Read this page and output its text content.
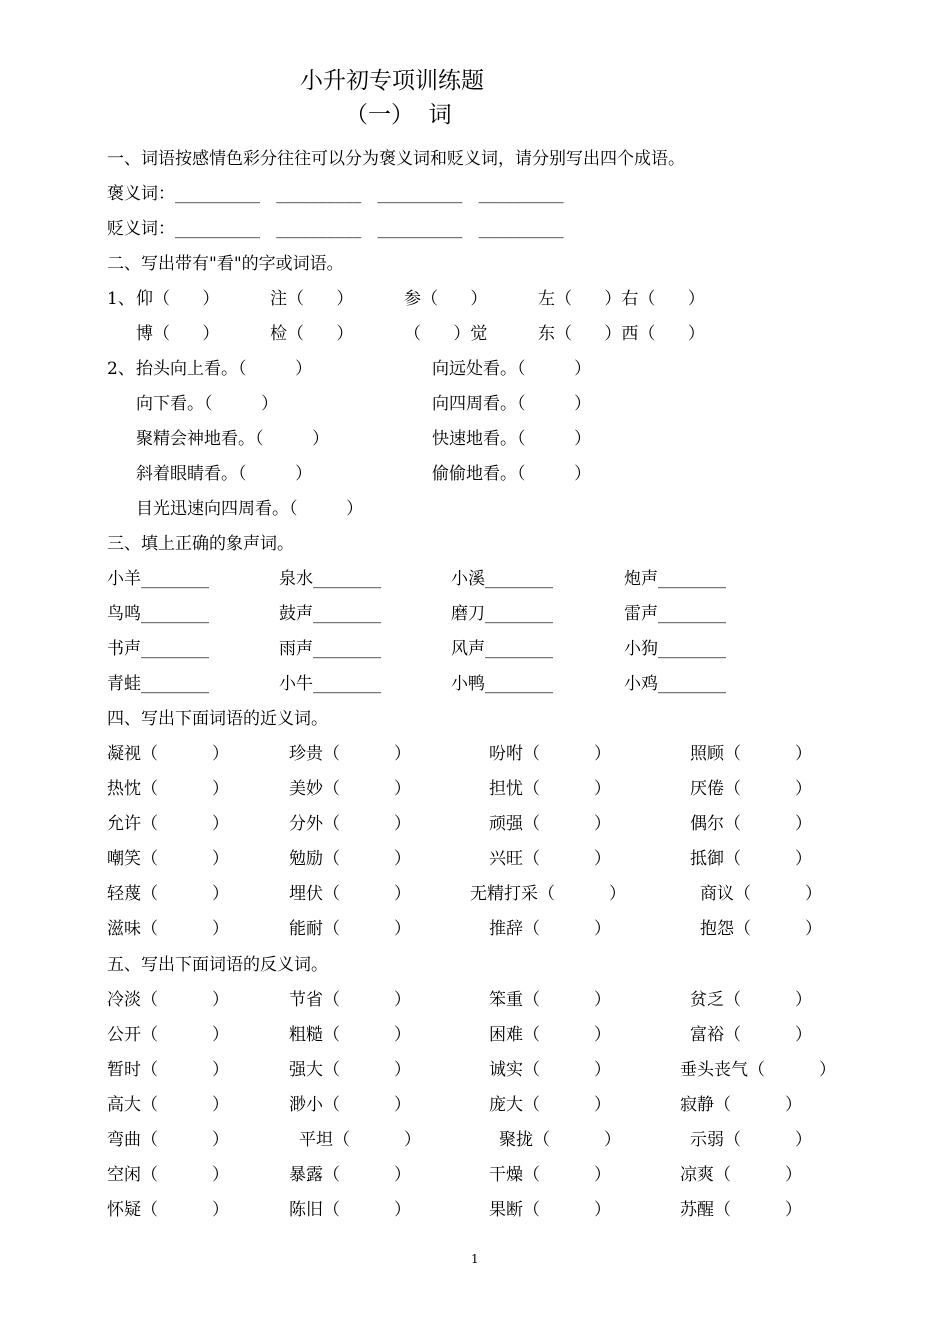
小升初专项训练题
（一）  词
一、词语按感情色彩分往往可以分为褒义词和贬义词，请分别写出四个成语。
褒义词：__________   __________   __________   __________
贬义词：__________   __________   __________   __________
二、写出带有"看"的字或词语。
1、 仰（      ）	注（      ）	参（      ）	左（      ）右（      ）
博（      ）	检（      ）	（      ）觉	东（      ）西（      ）
2、 抬头向上看。（         ）	向远处看。（         ）
向下看。（         ）	向四周看。（         ）
聚精会神地看。（         ）	快速地看。（         ）
斜着眼睛看。（         ）	偷偷地看。（         ）
目光迅速向四周看。（         ）
三、填上正确的象声词。
小羊________	泉水________	小溪________	炮声________
鸟鸣________	鼓声________	磨刀________	雷声________
书声________	雨声________	风声________	小狗________
青蛙________	小牛________	小鸭________	小鸡________
四、写出下面词语的近义词。
凝视（          ）	珍贵（          ）	吩咐（          ）	照顾（          ）
热忱（          ）	美妙（          ）	担忧（          ）	厌倦（          ）
允许（          ）	分外（          ）	顽强（          ）	偶尔（          ）
嘲笑（          ）	勉励（          ）	兴旺（          ）	抵御（          ）
轻蔑（          ）	埋伏（          ）	无精打采（          ）	商议（          ）
滋味（          ）	能耐（          ）	推辞（          ）	抱怨（          ）
五、写出下面词语的反义词。
冷淡（          ）	节省（          ）	笨重（          ）	贫乏（          ）
公开（          ）	粗糙（          ）	困难（          ）	富裕（          ）
暂时（          ）	强大（          ）	诚实（          ）	垂头丧气（          ）
高大（          ）	渺小（          ）	庞大（          ）	寂静（          ）
弯曲（          ）	平坦（          ）	聚拢（          ）	示弱（          ）
空闲（          ）	暴露（          ）	干燥（          ）	凉爽（          ）
怀疑（          ）	陈旧（          ）	果断（          ）	苏醒（          ）
1
